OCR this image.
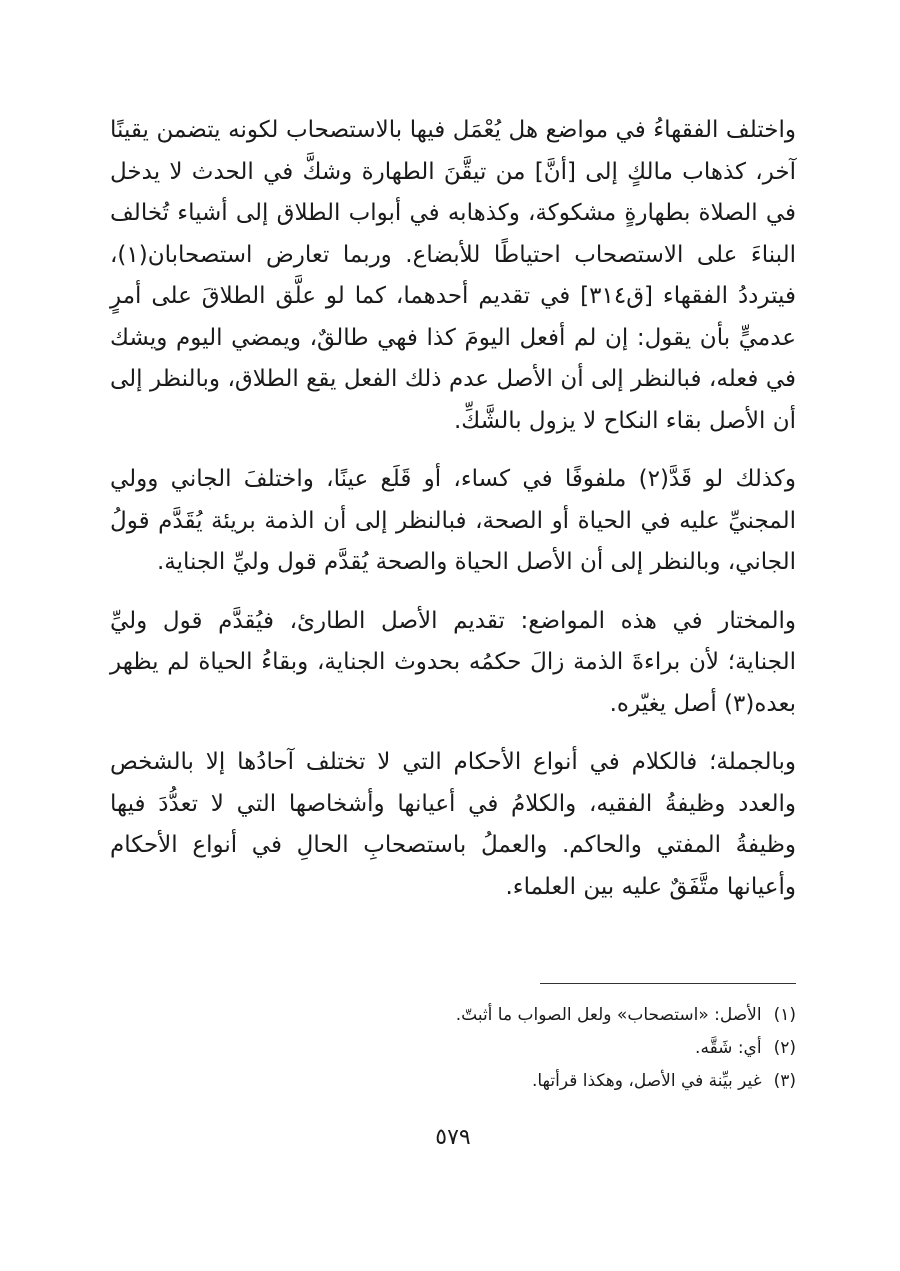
واختلف الفقهاءُ في مواضع هل يُعْمَل فيها بالاستصحاب لكونه يتضمن يقينًا آخر، كذهاب مالكٍ إلى [أنَّ] من تيقَّنَ الطهارة وشكَّ في الحدث لا يدخل في الصلاة بطهارةٍ مشكوكة، وكذهابه في أبواب الطلاق إلى أشياء تُخالف البناءَ على الاستصحاب احتياطًا للأبضاع. وربما تعارض استصحابان(١)، فيترددُ الفقهاء [ق٣١٤] في تقديم أحدهما، كما لو علَّق الطلاقَ على أمرٍ عدميٍّ بأن يقول: إن لم أفعل اليومَ كذا فهي طالقٌ، ويمضي اليوم ويشك في فعله، فبالنظر إلى أن الأصل عدم ذلك الفعل يقع الطلاق، وبالنظر إلى أن الأصل بقاء النكاح لا يزول بالشَّكِّ.

وكذلك لو قَدَّ(٢) ملفوفًا في كساء، أو قَلَع عينًا، واختلفَ الجاني وولي المجنيِّ عليه في الحياة أو الصحة، فبالنظر إلى أن الذمة بريئة يُقَدَّم قولُ الجاني، وبالنظر إلى أن الأصل الحياة والصحة يُقدَّم قول وليِّ الجناية.

والمختار في هذه المواضع: تقديم الأصل الطارئ، فيُقدَّم قول وليِّ الجناية؛ لأن براءةَ الذمة زالَ حكمُه بحدوث الجناية، وبقاءُ الحياة لم يظهر بعده(٣) أصل يغيّره.

وبالجملة؛ فالكلام في أنواع الأحكام التي لا تختلف آحادُها إلا بالشخص والعدد وظيفةُ الفقيه، والكلامُ في أعيانها وأشخاصها التي لا تعدُّدَ فيها وظيفةُ المفتي والحاكم. والعملُ باستصحابِ الحالِ في أنواع الأحكام وأعيانها متَّفَقٌ عليه بين العلماء.

(١)
الأصل: «استصحاب» ولعل الصواب ما أثبتّ.
(٢)
أي: شَقَّه.
(٣)
غير بيِّنة في الأصل، وهكذا قرأتها.
٥٧٩
